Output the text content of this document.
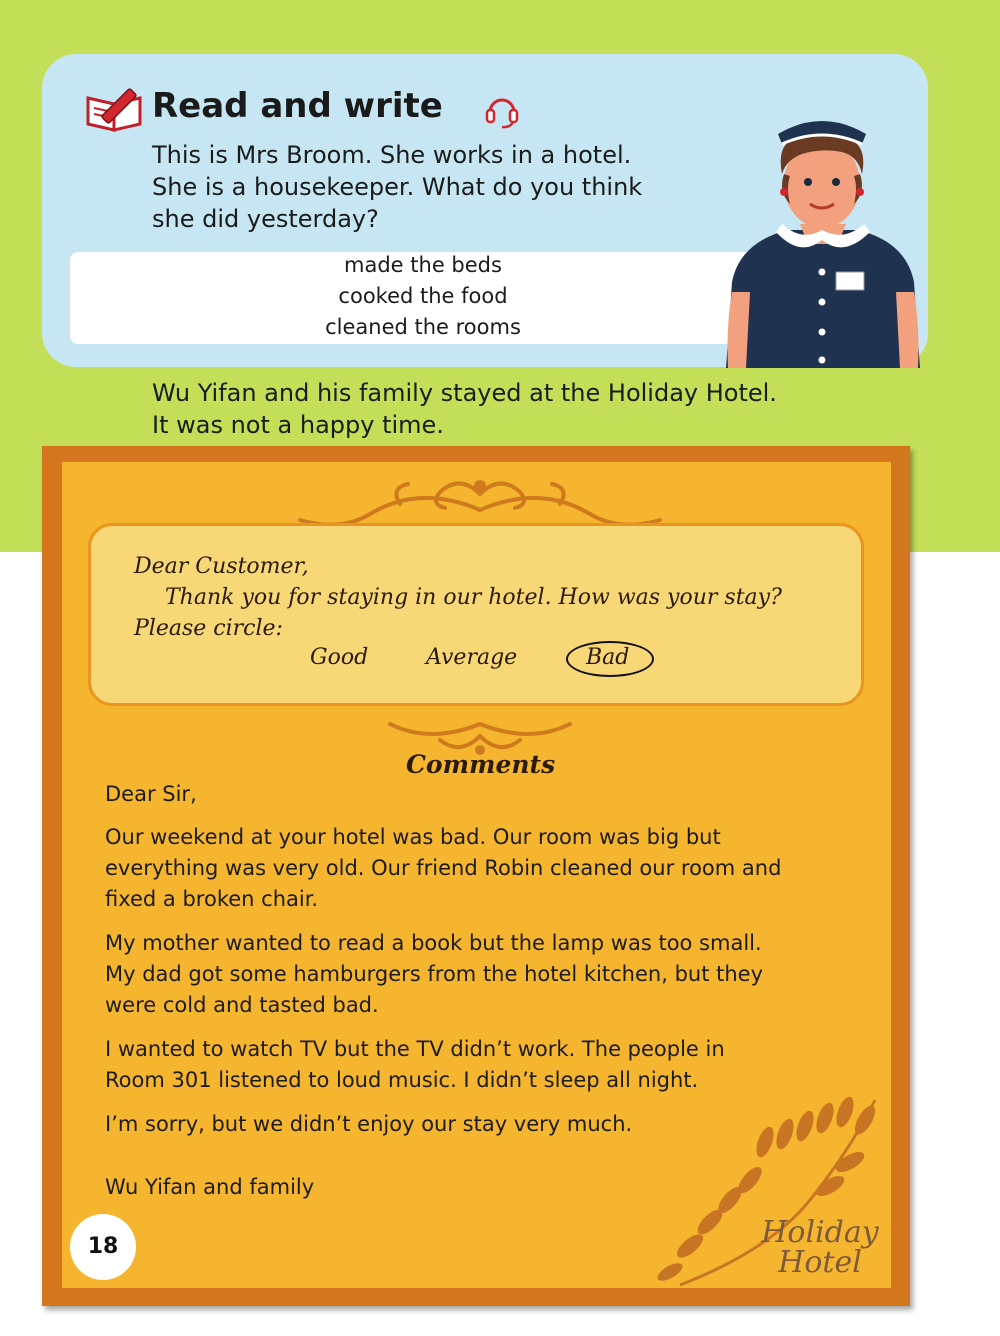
Read and write
This is Mrs Broom. She works in a hotel.
She is a housekeeper. What do you think
she did yesterday?
made the beds
cooked the food
cleaned the rooms
Wu Yifan and his family stayed at the Holiday Hotel.
It was not a happy time.
Dear Customer,
Thank you for staying in our hotel. How was your stay?
Please circle:
Good	Average	Bad
Comments
Dear Sir,
Our weekend at your hotel was bad. Our room was big but
everything was very old. Our friend Robin cleaned our room and
fixed a broken chair.
My mother wanted to read a book but the lamp was too small.
My dad got some hamburgers from the hotel kitchen, but they
were cold and tasted bad.
I wanted to watch TV but the TV didn’t work. The people in
Room 301 listened to loud music. I didn’t sleep all night.
I’m sorry, but we didn’t enjoy our stay very much.
Wu Yifan and family
Holiday
Hotel
18
